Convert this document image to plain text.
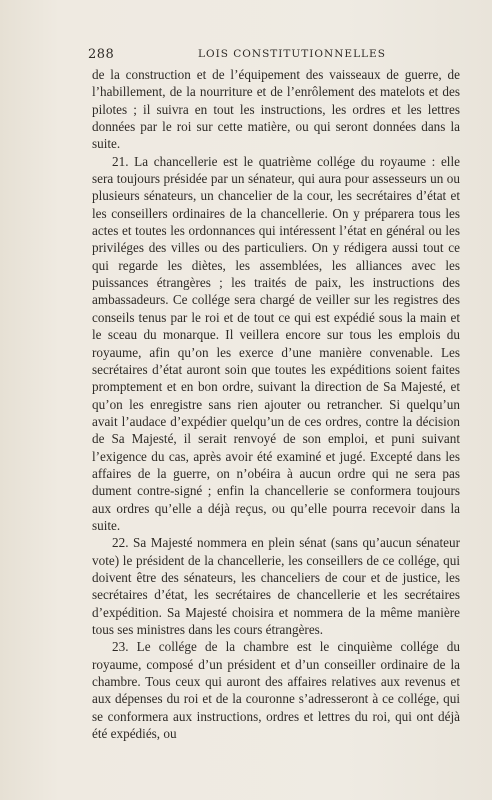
288	LOIS CONSTITUTIONNELLES

de la construction et de l’équipement des vaisseaux de guerre, de l’habillement, de la nourriture et de l’enrôlement des matelots et des pilotes ; il suivra en tout les instructions, les ordres et les lettres données par le roi sur cette matière, ou qui seront données dans la suite.

21. La chancellerie est le quatrième collége du royaume : elle sera toujours présidée par un sénateur, qui aura pour assesseurs un ou plusieurs sénateurs, un chancelier de la cour, les secrétaires d’état et les conseillers ordinaires de la chancellerie. On y préparera tous les actes et toutes les ordonnances qui intéressent l’état en général ou les priviléges des villes ou des particuliers. On y rédigera aussi tout ce qui regarde les diètes, les assemblées, les alliances avec les puissances étrangères ; les traités de paix, les instructions des ambassadeurs. Ce collége sera chargé de veiller sur les registres des conseils tenus par le roi et de tout ce qui est expédié sous la main et le sceau du monarque. Il veillera encore sur tous les emplois du royaume, afin qu’on les exerce d’une manière convenable. Les secrétaires d’état auront soin que toutes les expéditions soient faites promptement et en bon ordre, suivant la direction de Sa Majesté, et qu’on les enregistre sans rien ajouter ou retrancher. Si quelqu’un avait l’audace d’expédier quelqu’un de ces ordres, contre la décision de Sa Majesté, il serait renvoyé de son emploi, et puni suivant l’exigence du cas, après avoir été examiné et jugé. Excepté dans les affaires de la guerre, on n’obéira à aucun ordre qui ne sera pas dument contre-signé ; enfin la chancellerie se conformera toujours aux ordres qu’elle a déjà reçus, ou qu’elle pourra recevoir dans la suite.

22. Sa Majesté nommera en plein sénat (sans qu’aucun sénateur vote) le président de la chancellerie, les conseillers de ce collége, qui doivent être des sénateurs, les chanceliers de cour et de justice, les secrétaires d’état, les secrétaires de chancellerie et les secrétaires d’expédition. Sa Majesté choisira et nommera de la même manière tous ses ministres dans les cours étrangères.

23. Le collége de la chambre est le cinquième collége du royaume, composé d’un président et d’un conseiller ordinaire de la chambre. Tous ceux qui auront des affaires relatives aux revenus et aux dépenses du roi et de la couronne s’adresseront à ce collége, qui se conformera aux instructions, ordres et lettres du roi, qui ont déjà été expédiés, ou
